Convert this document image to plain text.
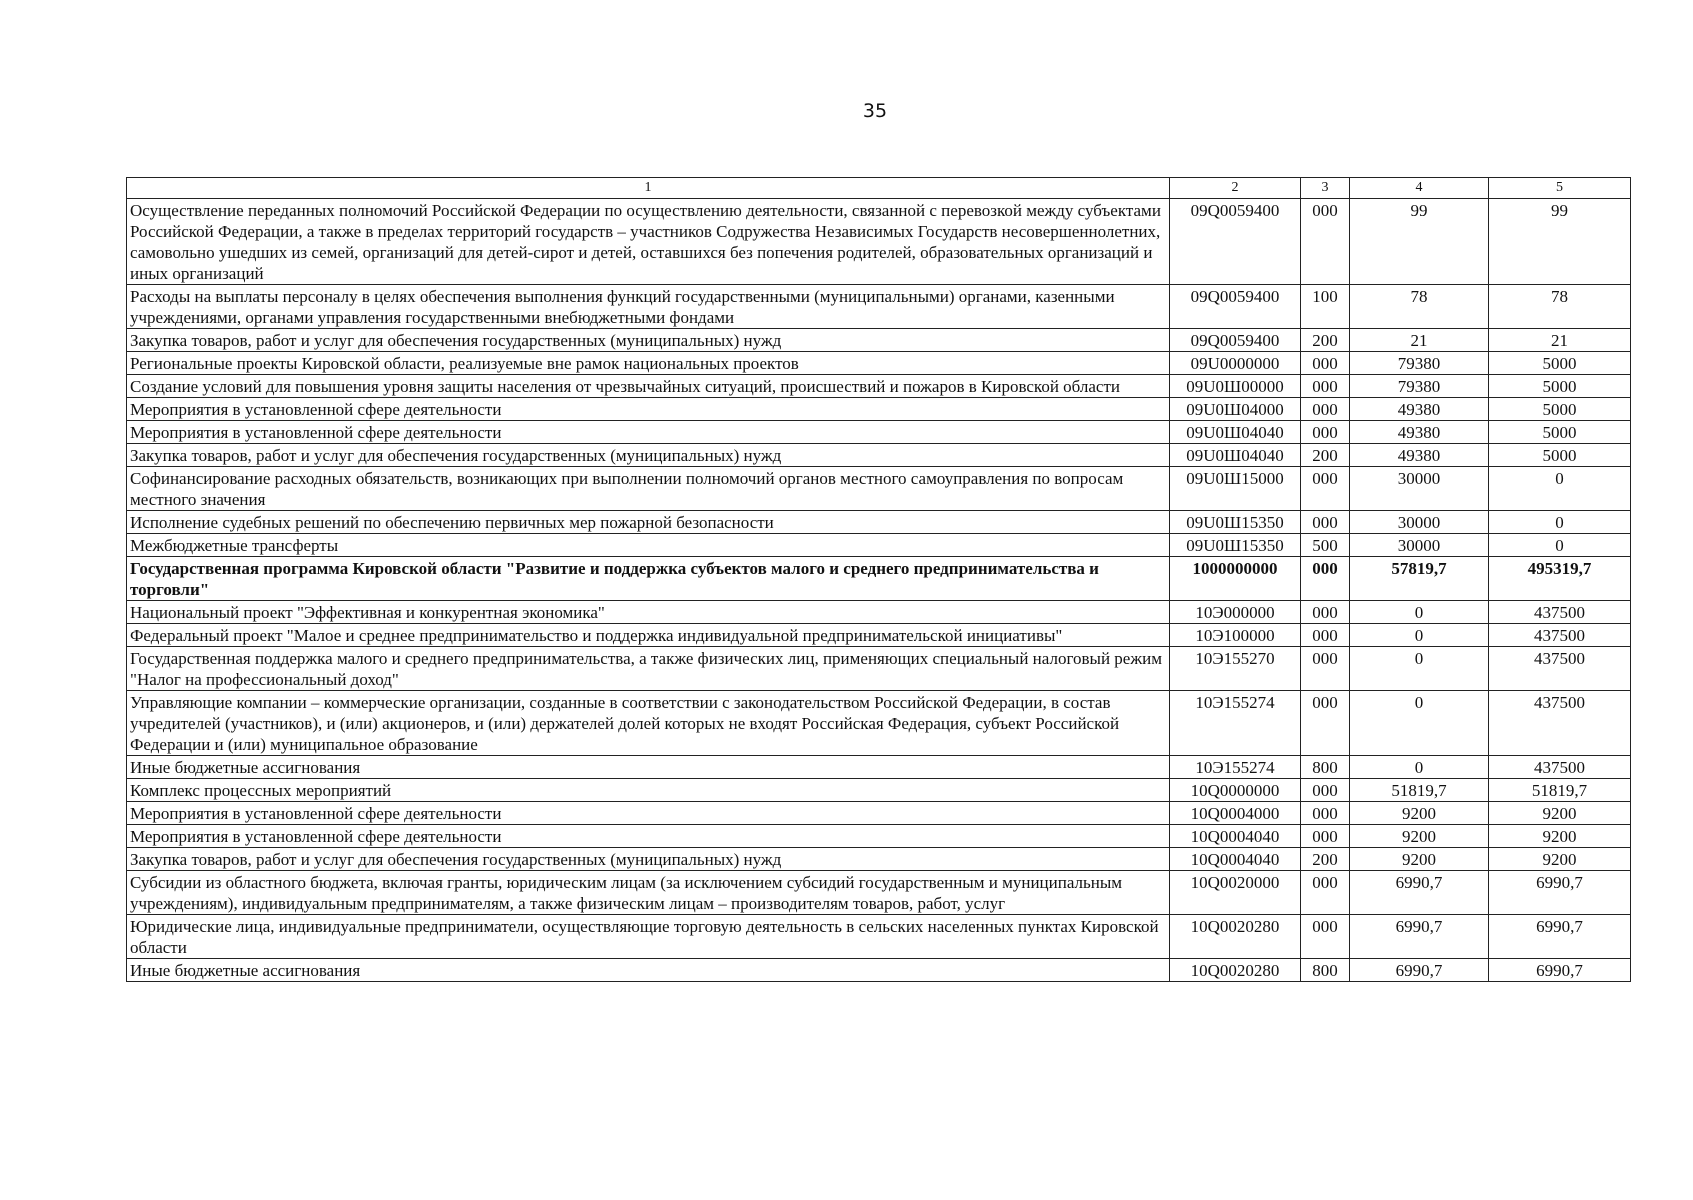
35
1	2	3	4	5
Осуществление переданных полномочий Российской Федерации по осуществлению деятельности, связанной с перевозкой между субъектами Российской Федерации, а также в пределах территорий государств – участников Содружества Независимых Государств несовершеннолетних, самовольно ушедших из семей, организаций для детей-сирот и детей, оставшихся без попечения родителей, образовательных организаций и иных организаций	09Q0059400	000	99	99
Расходы на выплаты персоналу в целях обеспечения выполнения функций государственными (муниципальными) органами, казенными учреждениями, органами управления государственными внебюджетными фондами	09Q0059400	100	78	78
Закупка товаров, работ и услуг для обеспечения государственных (муниципальных) нужд	09Q0059400	200	21	21
Региональные проекты Кировской области, реализуемые вне рамок национальных проектов	09U0000000	000	79380	5000
Создание условий для повышения уровня защиты населения от чрезвычайных ситуаций, происшествий и пожаров в Кировской области	09U0Ш00000	000	79380	5000
Мероприятия в установленной сфере деятельности	09U0Ш04000	000	49380	5000
Мероприятия в установленной сфере деятельности	09U0Ш04040	000	49380	5000
Закупка товаров, работ и услуг для обеспечения государственных (муниципальных) нужд	09U0Ш04040	200	49380	5000
Софинансирование расходных обязательств, возникающих при выполнении полномочий органов местного самоуправления по вопросам местного значения	09U0Ш15000	000	30000	0
Исполнение судебных решений по обеспечению первичных мер пожарной безопасности	09U0Ш15350	000	30000	0
Межбюджетные трансферты	09U0Ш15350	500	30000	0
Государственная программа Кировской области "Развитие и поддержка субъектов малого и среднего предпринимательства и торговли"	1000000000	000	57819,7	495319,7
Национальный проект "Эффективная и конкурентная экономика"	10Э000000	000	0	437500
Федеральный проект "Малое и среднее предпринимательство и поддержка индивидуальной предпринимательской инициативы"	10Э100000	000	0	437500
Государственная поддержка малого и среднего предпринимательства, а также физических лиц, применяющих специальный налоговый режим "Налог на профессиональный доход"	10Э155270	000	0	437500
Управляющие компании – коммерческие организации, созданные в соответствии с законодательством Российской Федерации, в состав учредителей (участников), и (или) акционеров, и (или) держателей долей которых не входят Российская Федерация, субъект Российской Федерации и (или) муниципальное образование	10Э155274	000	0	437500
Иные бюджетные ассигнования	10Э155274	800	0	437500
Комплекс процессных мероприятий	10Q0000000	000	51819,7	51819,7
Мероприятия в установленной сфере деятельности	10Q0004000	000	9200	9200
Мероприятия в установленной сфере деятельности	10Q0004040	000	9200	9200
Закупка товаров, работ и услуг для обеспечения государственных (муниципальных) нужд	10Q0004040	200	9200	9200
Субсидии из областного бюджета, включая гранты, юридическим лицам (за исключением субсидий государственным и муниципальным учреждениям), индивидуальным предпринимателям, а также физическим лицам – производителям товаров, работ, услуг	10Q0020000	000	6990,7	6990,7
Юридические лица, индивидуальные предприниматели, осуществляющие торговую деятельность в сельских населенных пунктах Кировской области	10Q0020280	000	6990,7	6990,7
Иные бюджетные ассигнования	10Q0020280	800	6990,7	6990,7
